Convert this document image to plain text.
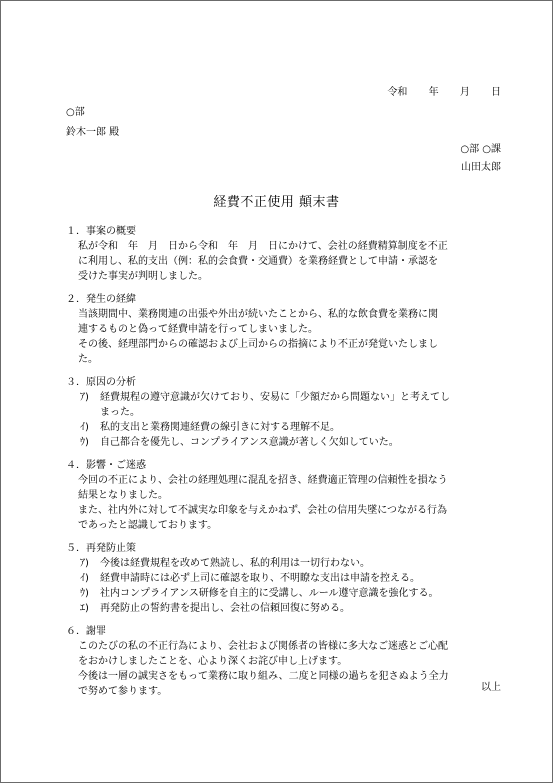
令和 年 月 日
○部
鈴木一郎 殿
○部 ○課
山田太郎
経費不正使用 顛末書
１．事案の概要

私が令和　年　月　日から令和　年　月　日にかけて、会社の経費精算制度を不正

に利用し、私的支出（例：私的会食費・交通費）を業務経費として申請・承認を

受けた事実が判明しました。

２．発生の経緯

当該期間中、業務関連の出張や外出が続いたことから、私的な飲食費を業務に関

連するものと偽って経費申請を行ってしまいました。

その後、経理部門からの確認および上司からの指摘により不正が発覚いたしまし

た。

３．原因の分析
ｱ) 経費規程の遵守意識が欠けており、安易に「少額だから問題ない」と考えてし
まった。
ｲ) 私的支出と業務関連経費の線引きに対する理解不足。
ｳ) 自己都合を優先し、コンプライアンス意識が著しく欠如していた。
４．影響・ご迷惑

今回の不正により、会社の経理処理に混乱を招き、経費適正管理の信頼性を損なう

結果となりました。

また、社内外に対して不誠実な印象を与えかねず、会社の信用失墜につながる行為

であったと認識しております。

５．再発防止策
ｱ) 今後は経費規程を改めて熟読し、私的利用は一切行わない。
ｲ) 経費申請時には必ず上司に確認を取り、不明瞭な支出は申請を控える。
ｳ) 社内コンプライアンス研修を自主的に受講し、ルール遵守意識を強化する。
ｴ) 再発防止の誓約書を提出し、会社の信頼回復に努める。
６．謝罪

このたびの私の不正行為により、会社および関係者の皆様に多大なご迷惑とご心配

をおかけしましたことを、心より深くお詫び申し上げます。

今後は一層の誠実さをもって業務に取り組み、二度と同様の過ちを犯さぬよう全力

で努めて参ります。	以上
